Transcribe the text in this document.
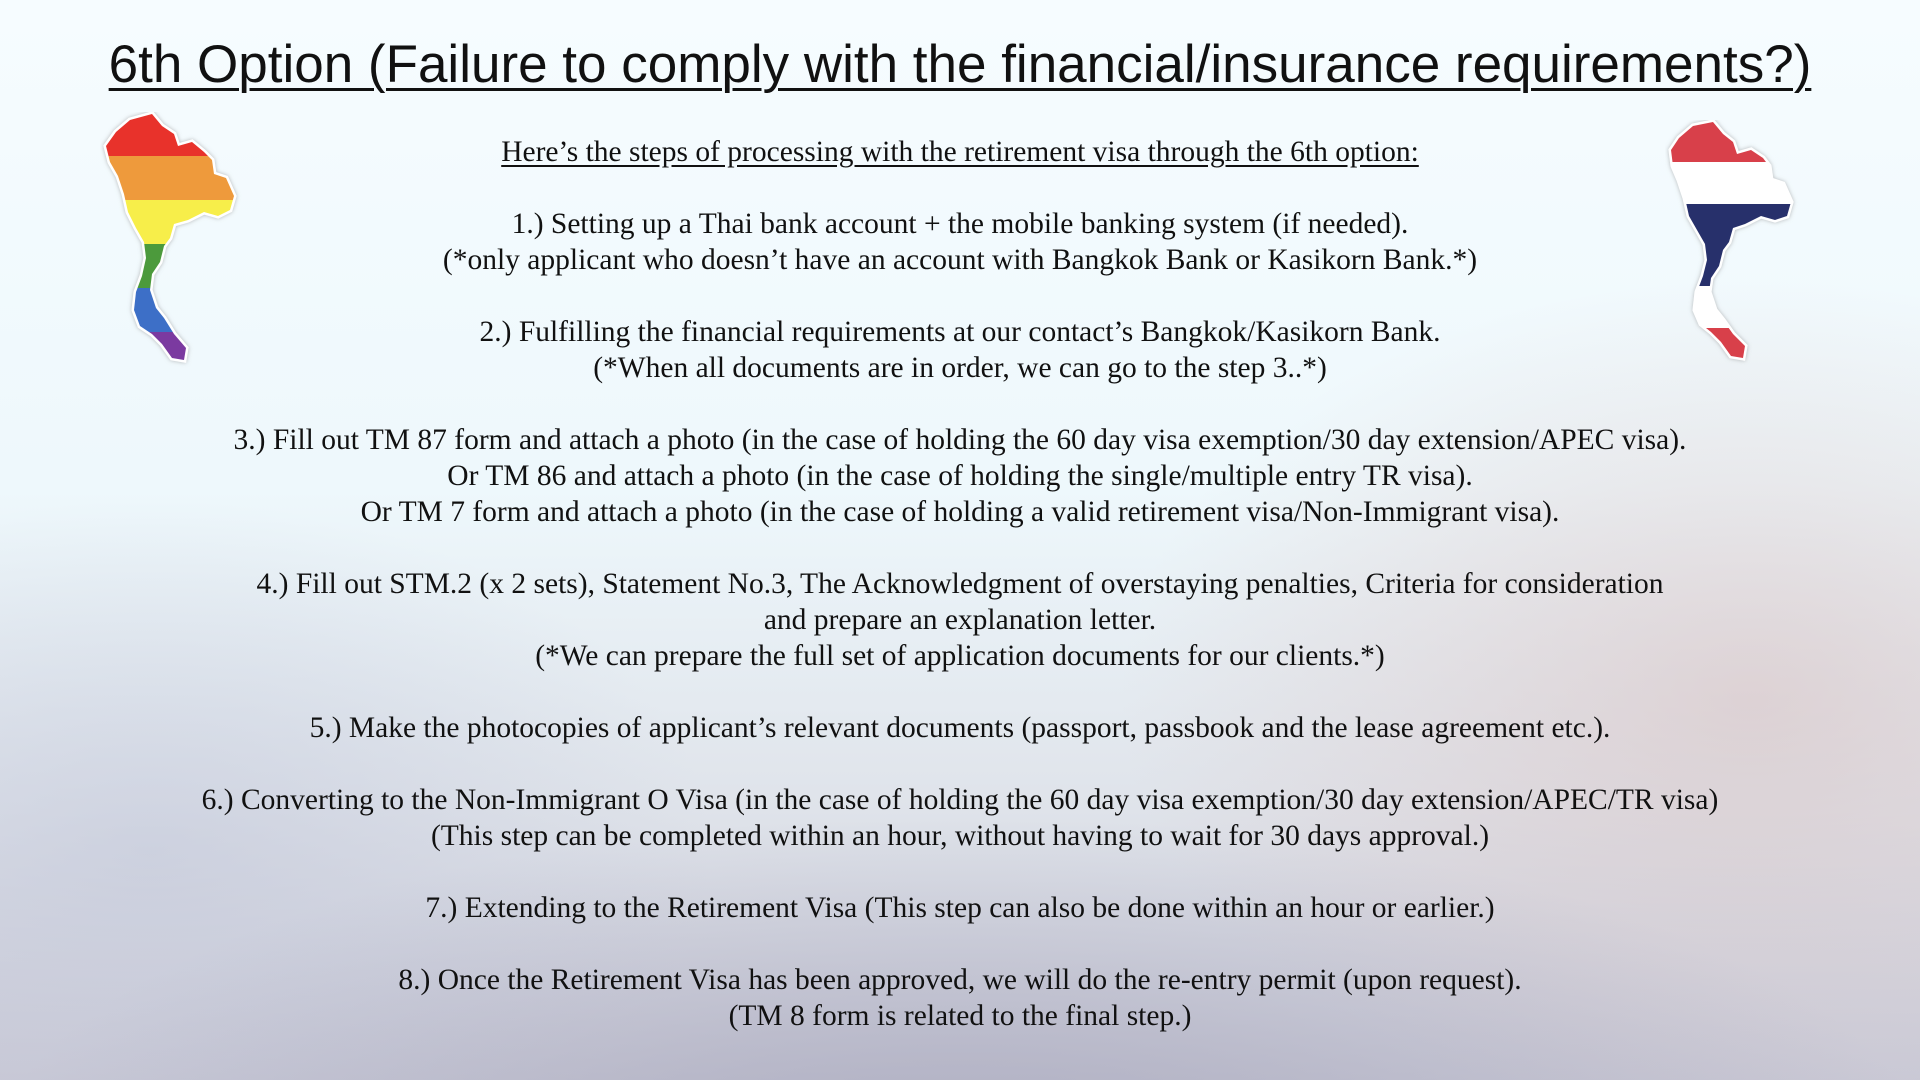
6th Option (Failure to comply with the financial/insurance requirements?)
Here’s the steps of processing with the retirement visa through the 6th option:
1.) Setting up a Thai bank account + the mobile banking system (if needed).
(*only applicant who doesn’t have an account with Bangkok Bank or Kasikorn Bank.*)
2.) Fulfilling the financial requirements at our contact’s Bangkok/Kasikorn Bank.
(*When all documents are in order, we can go to the step 3..*)
3.) Fill out TM 87 form and attach a photo (in the case of holding the 60 day visa exemption/30 day extension/APEC visa).
Or TM 86 and attach a photo (in the case of holding the single/multiple entry TR visa).
Or TM 7 form and attach a photo (in the case of holding a valid retirement visa/Non-Immigrant visa).
4.) Fill out STM.2 (x 2 sets), Statement No.3, The Acknowledgment of overstaying penalties, Criteria for consideration
and prepare an explanation letter.
(*We can prepare the full set of application documents for our clients.*)
5.) Make the photocopies of applicant’s relevant documents (passport, passbook and the lease agreement etc.).
6.) Converting to the Non-Immigrant O Visa (in the case of holding the 60 day visa exemption/30 day extension/APEC/TR visa)
(This step can be completed within an hour, without having to wait for 30 days approval.)
7.) Extending to the Retirement Visa (This step can also be done within an hour or earlier.)
8.) Once the Retirement Visa has been approved, we will do the re-entry permit (upon request).
(TM 8 form is related to the final step.)
